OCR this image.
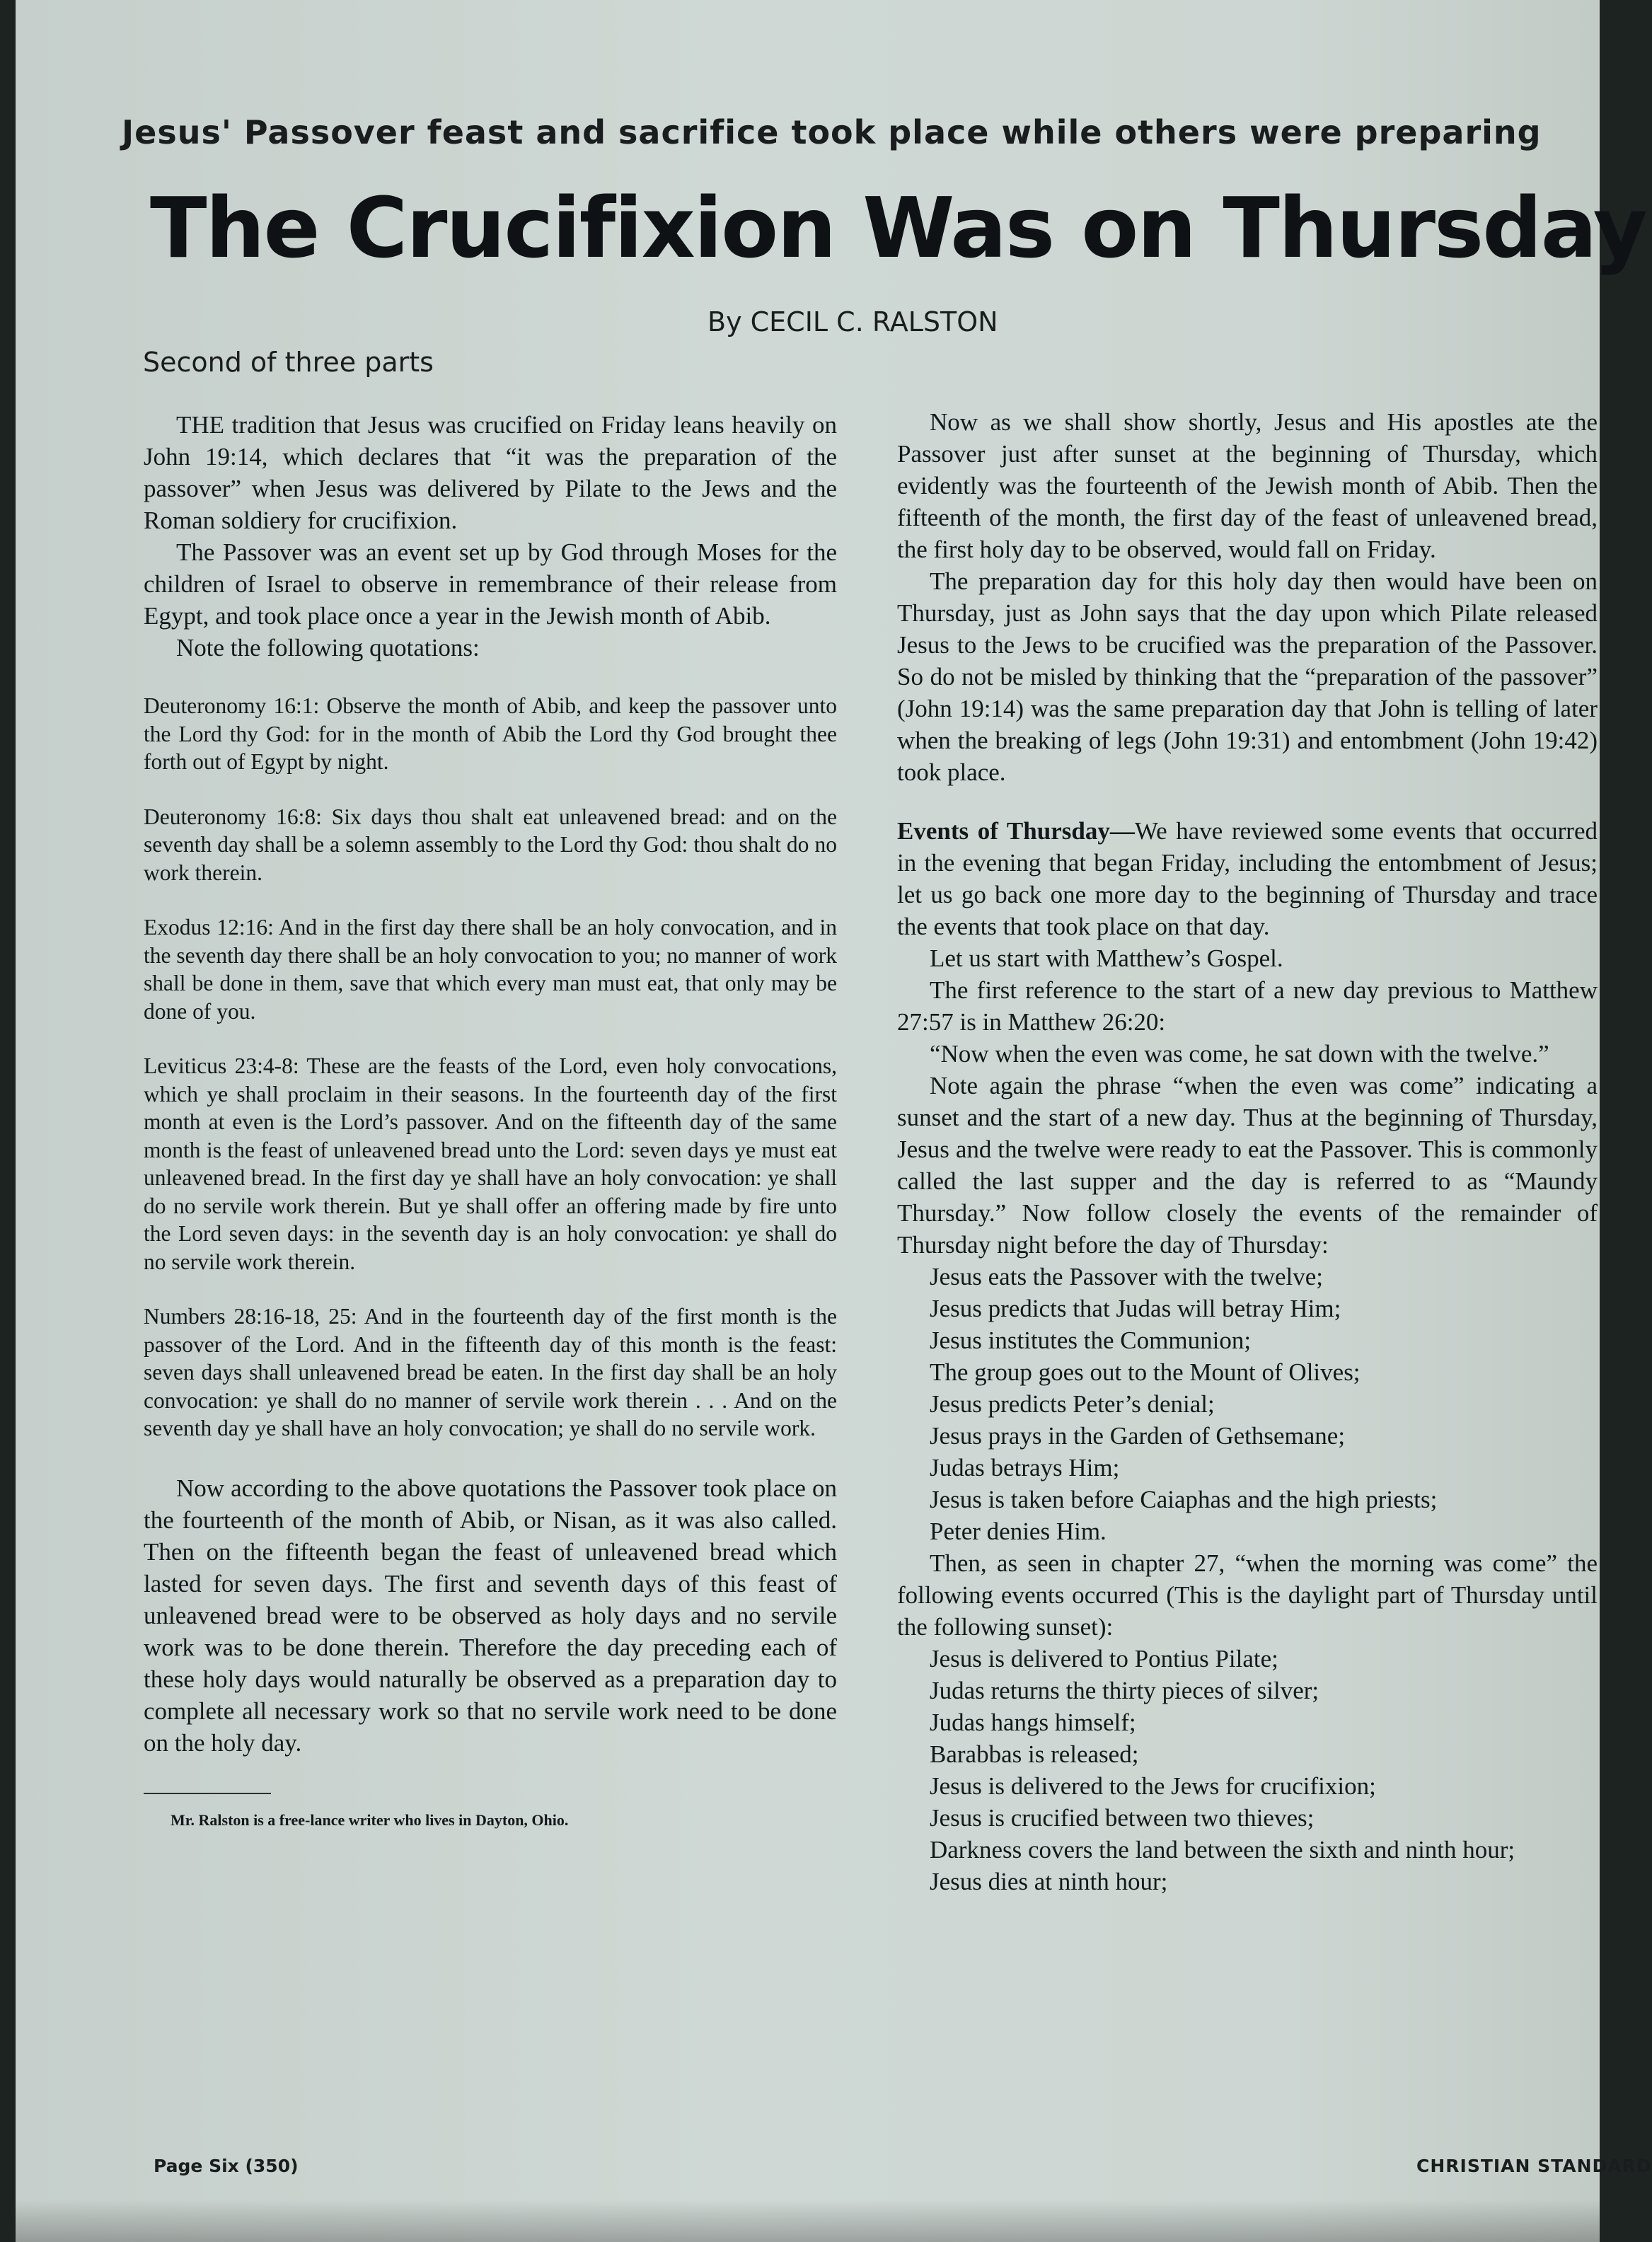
Jesus' Passover feast and sacrifice took place while others were preparing
The Crucifixion Was on Thursday
By CECIL C. RALSTON
Second of three parts

THE tradition that Jesus was crucified on Friday leans heavily on John 19:14, which declares that “it was the preparation of the passover” when Jesus was delivered by Pilate to the Jews and the Roman soldiery for crucifixion.

The Passover was an event set up by God through Moses for the children of Israel to observe in remembrance of their release from Egypt, and took place once a year in the Jewish month of Abib.

Note the following quotations:

Deuteronomy 16:1: Observe the month of Abib, and keep the passover unto the Lord thy God: for in the month of Abib the Lord thy God brought thee forth out of Egypt by night.

Deuteronomy 16:8: Six days thou shalt eat unleavened bread: and on the seventh day shall be a solemn assembly to the Lord thy God: thou shalt do no work therein.

Exodus 12:16: And in the first day there shall be an holy convocation, and in the seventh day there shall be an holy convocation to you; no manner of work shall be done in them, save that which every man must eat, that only may be done of you.

Leviticus 23:4-8: These are the feasts of the Lord, even holy convocations, which ye shall proclaim in their seasons. In the fourteenth day of the first month at even is the Lord’s passover. And on the fifteenth day of the same month is the feast of unleavened bread unto the Lord: seven days ye must eat unleavened bread. In the first day ye shall have an holy convocation: ye shall do no servile work therein. But ye shall offer an offering made by fire unto the Lord seven days: in the seventh day is an holy convocation: ye shall do no servile work therein.

Numbers 28:16-18, 25: And in the fourteenth day of the first month is the passover of the Lord. And in the fifteenth day of this month is the feast: seven days shall unleavened bread be eaten. In the first day shall be an holy convocation: ye shall do no manner of servile work therein . . . And on the seventh day ye shall have an holy convocation; ye shall do no servile work.

Now according to the above quotations the Passover took place on the fourteenth of the month of Abib, or Nisan, as it was also called. Then on the fifteenth began the feast of unleavened bread which lasted for seven days. The first and seventh days of this feast of unleavened bread were to be observed as holy days and no servile work was to be done therein. Therefore the day preceding each of these holy days would naturally be observed as a preparation day to complete all necessary work so that no servile work need to be done on the holy day.

Mr. Ralston is a free-lance writer who lives in Dayton, Ohio.

Now as we shall show shortly, Jesus and His apostles ate the Passover just after sunset at the beginning of Thursday, which evidently was the fourteenth of the Jewish month of Abib. Then the fifteenth of the month, the first day of the feast of unleavened bread, the first holy day to be observed, would fall on Friday.

The preparation day for this holy day then would have been on Thursday, just as John says that the day upon which Pilate released Jesus to the Jews to be crucified was the preparation of the Passover. So do not be misled by thinking that the “preparation of the passover” (John 19:14) was the same preparation day that John is telling of later when the breaking of legs (John 19:31) and entombment (John 19:42) took place.

Events of Thursday—We have reviewed some events that occurred in the evening that began Friday, including the entombment of Jesus; let us go back one more day to the beginning of Thursday and trace the events that took place on that day.

Let us start with Matthew’s Gospel.

The first reference to the start of a new day previous to Matthew 27:57 is in Matthew 26:20:

“Now when the even was come, he sat down with the twelve.”

Note again the phrase “when the even was come” indicating a sunset and the start of a new day. Thus at the beginning of Thursday, Jesus and the twelve were ready to eat the Passover. This is commonly called the last supper and the day is referred to as “Maundy Thursday.” Now follow closely the events of the remainder of Thursday night before the day of Thursday:

Jesus eats the Passover with the twelve;

Jesus predicts that Judas will betray Him;

Jesus institutes the Communion;

The group goes out to the Mount of Olives;

Jesus predicts Peter’s denial;

Jesus prays in the Garden of Gethsemane;

Judas betrays Him;

Jesus is taken before Caiaphas and the high priests;

Peter denies Him.

Then, as seen in chapter 27, “when the morning was come” the following events occurred (This is the daylight part of Thursday until the following sunset):

Jesus is delivered to Pontius Pilate;

Judas returns the thirty pieces of silver;

Judas hangs himself;

Barabbas is released;

Jesus is delivered to the Jews for crucifixion;

Jesus is crucified between two thieves;

Darkness covers the land between the sixth and ninth hour;

Jesus dies at ninth hour;

Page Six (350)	CHRISTIAN STANDARD
